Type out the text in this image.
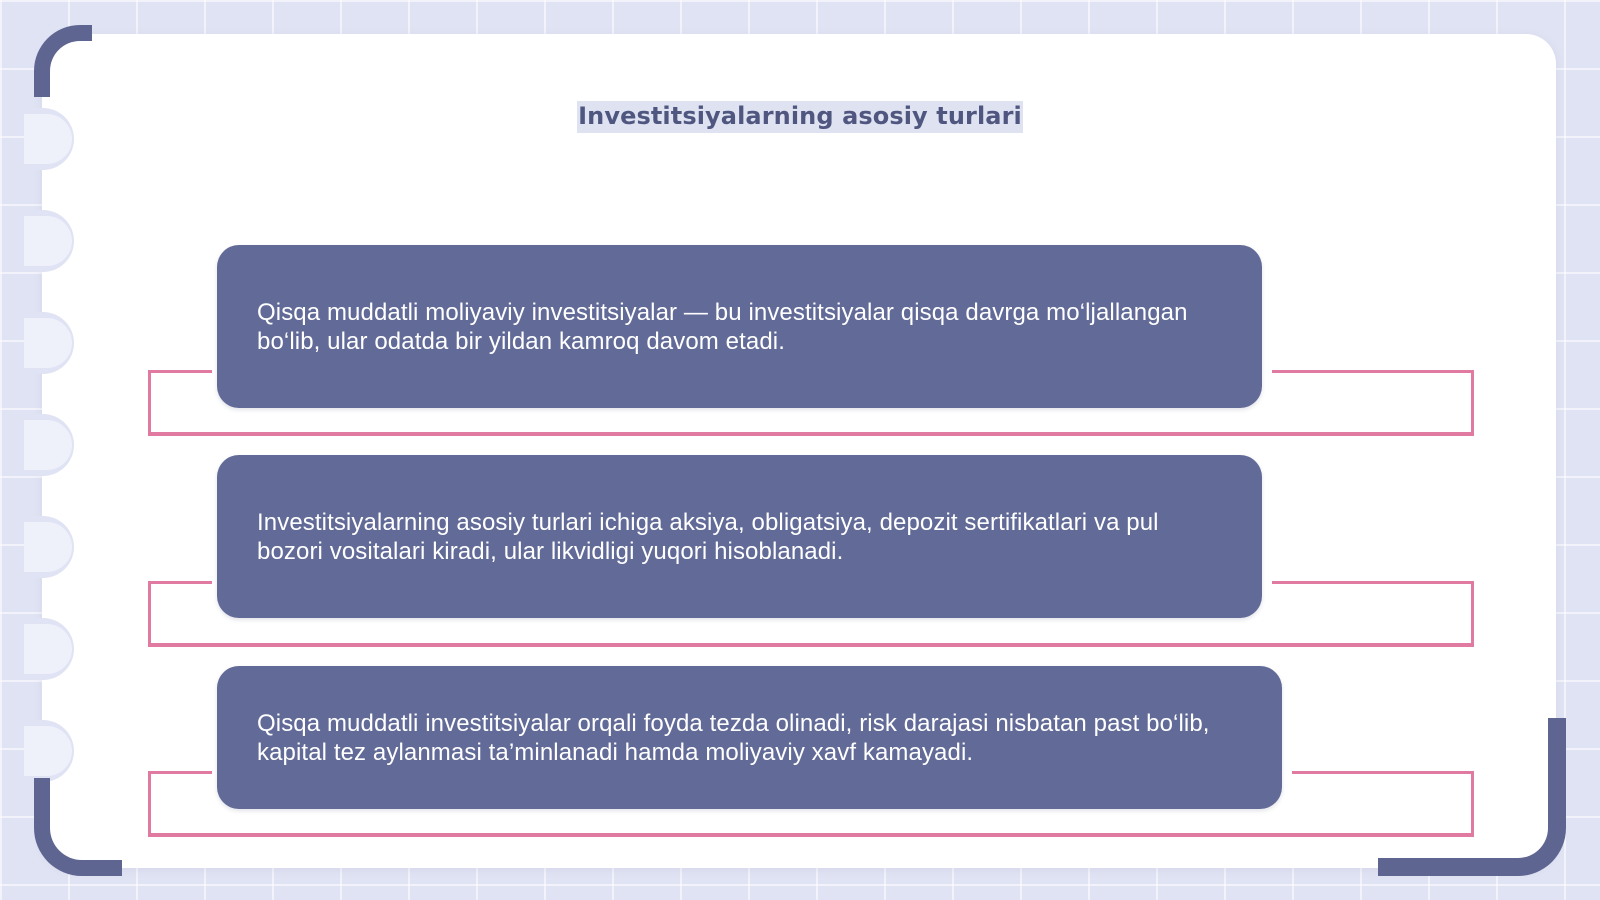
Investitsiyalarning asosiy turlari

Qisqa muddatli moliyaviy investitsiyalar — bu investitsiyalar qisqa davrga mo‘ljallangan bo‘lib, ular odatda bir yildan kamroq davom etadi.

Investitsiyalarning asosiy turlari ichiga aksiya, obligatsiya, depozit sertifikatlari va pul bozori vositalari kiradi, ular likvidligi yuqori hisoblanadi.

Qisqa muddatli investitsiyalar orqali foyda tezda olinadi, risk darajasi nisbatan past bo‘lib, kapital tez aylanmasi ta’minlanadi hamda moliyaviy xavf kamayadi.
